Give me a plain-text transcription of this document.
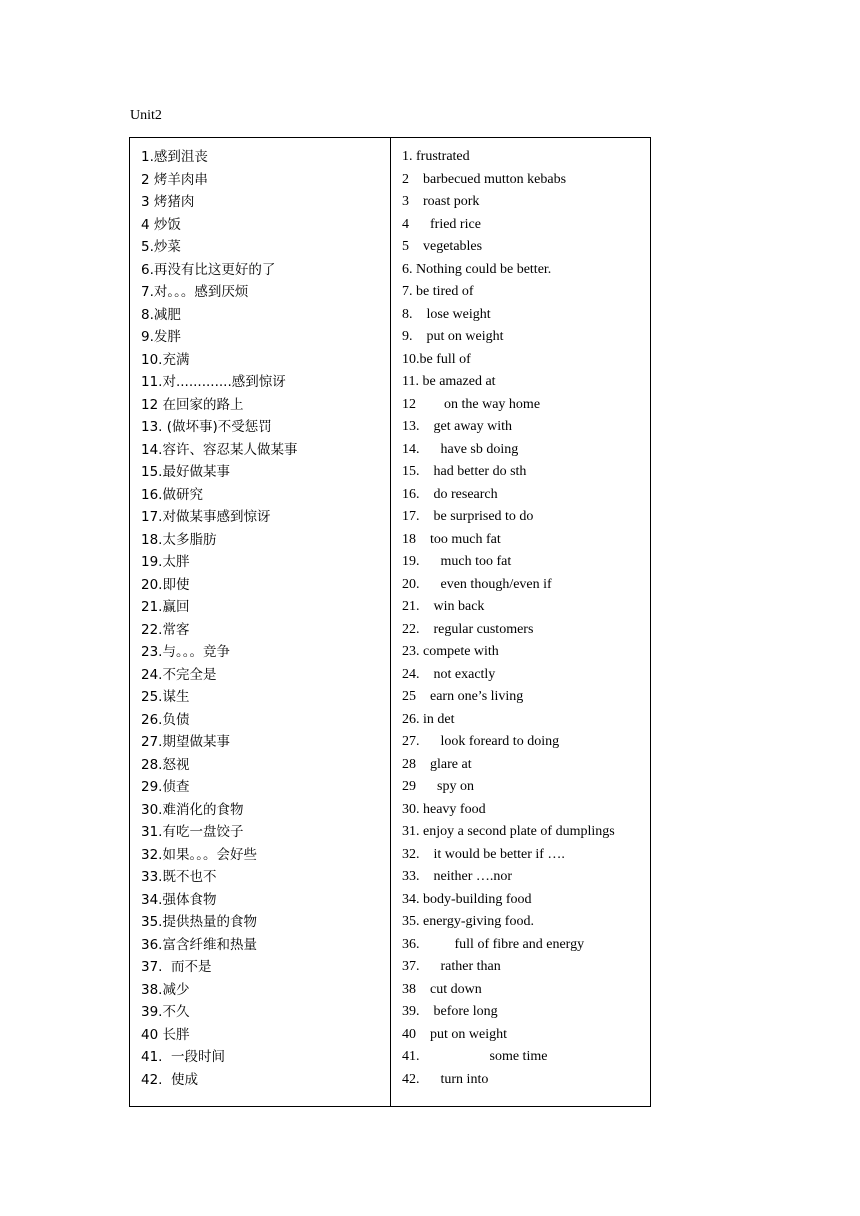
Unit2
1.感到沮丧
2 烤羊肉串
3 烤猪肉
4 炒饭
5.炒菜
6.再没有比这更好的了
7.对。。。感到厌烦
8.减肥
9.发胖
10.充满
11.对.............感到惊讶
12 在回家的路上
13. (做坏事)不受惩罚
14.容许、容忍某人做某事
15.最好做某事
16.做研究
17.对做某事感到惊讶
18.太多脂肪
19.太胖
20.即使
21.赢回
22.常客
23.与。。。竞争
24.不完全是
25.谋生
26.负债
27.期望做某事
28.怒视
29.侦查
30.难消化的食物
31.有吃一盘饺子
32.如果。。。会好些
33.既不也不
34.强体食物
35.提供热量的食物
36.富含纤维和热量
37.  而不是
38.减少
39.不久
40 长胖
41.  一段时间
42.  使成
1. frustrated
2    barbecued mutton kebabs
3    roast pork
4      fried rice
5    vegetables
6. Nothing could be better.
7. be tired of
8.    lose weight
9.    put on weight
10.be full of
11. be amazed at
12        on the way home
13.    get away with
14.      have sb doing
15.    had better do sth
16.    do research
17.    be surprised to do
18    too much fat
19.      much too fat
20.      even though/even if
21.    win back
22.    regular customers
23. compete with
24.    not exactly
25    earn one’s living
26. in det
27.      look foreard to doing
28    glare at
29      spy on
30. heavy food
31. enjoy a second plate of dumplings
32.    it would be better if ….
33.    neither ….nor
34. body-building food
35. energy-giving food.
36.          full of fibre and energy
37.      rather than
38    cut down
39.    before long
40    put on weight
41.                    some time
42.      turn into
